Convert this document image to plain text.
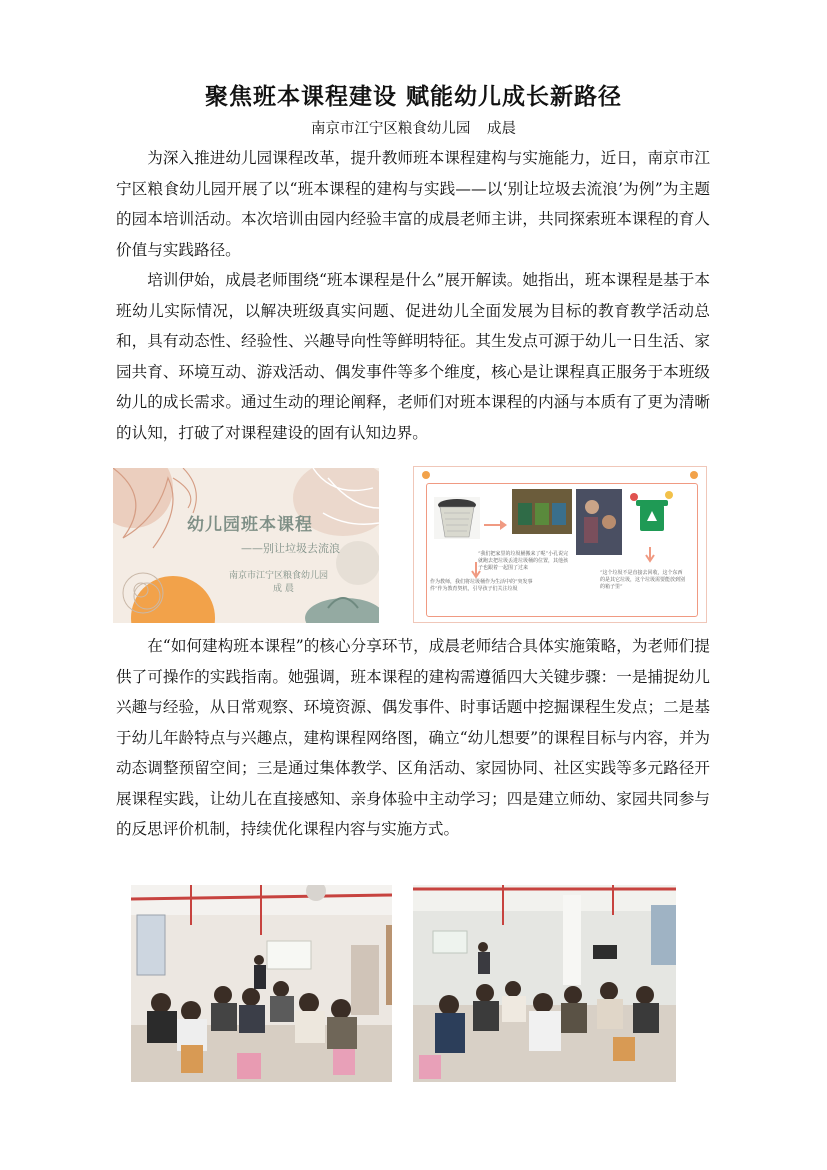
聚焦班本课程建设 赋能幼儿成长新路径
南京市江宁区粮食幼儿园 成晨

为深入推进幼儿园课程改革，提升教师班本课程建构与实施能力，近日，南京市江宁区粮食幼儿园开展了以“班本课程的建构与实践——以‘别让垃圾去流浪’为例”为主题的园本培训活动。本次培训由园内经验丰富的成晨老师主讲，共同探索班本课程的育人价值与实践路径。

培训伊始，成晨老师围绕“班本课程是什么”展开解读。她指出，班本课程是基于本班幼儿实际情况，以解决班级真实问题、促进幼儿全面发展为目标的教育教学活动总和，具有动态性、经验性、兴趣导向性等鲜明特征。其生发点可源于幼儿一日生活、家园共育、环境互动、游戏活动、偶发事件等多个维度，核心是让课程真正服务于本班级幼儿的成长需求。通过生动的理论阐释，老师们对班本课程的内涵与本质有了更为清晰的认知，打破了对课程建设的固有认知边界。

幼儿园班本课程
——别让垃圾去流浪
南京市江宁区粮食幼儿园
成 晨
“我们把家里的垃圾桶搬来了呢”小孔说完就跑去把垃圾丢进垃圾桶的位置，其他孩子也跟着一起围了过来
作为教师，我们将垃圾桶作为生活中的“突发事件”作为教育契机，引导孩子们关注垃圾
“这个垃圾不是直接去回收，这个东西的是其它垃圾，这个垃圾需要能放到别的箱子里”

在“如何建构班本课程”的核心分享环节，成晨老师结合具体实施策略，为老师们提供了可操作的实践指南。她强调，班本课程的建构需遵循四大关键步骤：一是捕捉幼儿兴趣与经验，从日常观察、环境资源、偶发事件、时事话题中挖掘课程生发点；二是基于幼儿年龄特点与兴趣点，建构课程网络图，确立“幼儿想要”的课程目标与内容，并为动态调整预留空间；三是通过集体教学、区角活动、家园协同、社区实践等多元路径开展课程实践，让幼儿在直接感知、亲身体验中主动学习；四是建立师幼、家园共同参与的反思评价机制，持续优化课程内容与实施方式。
